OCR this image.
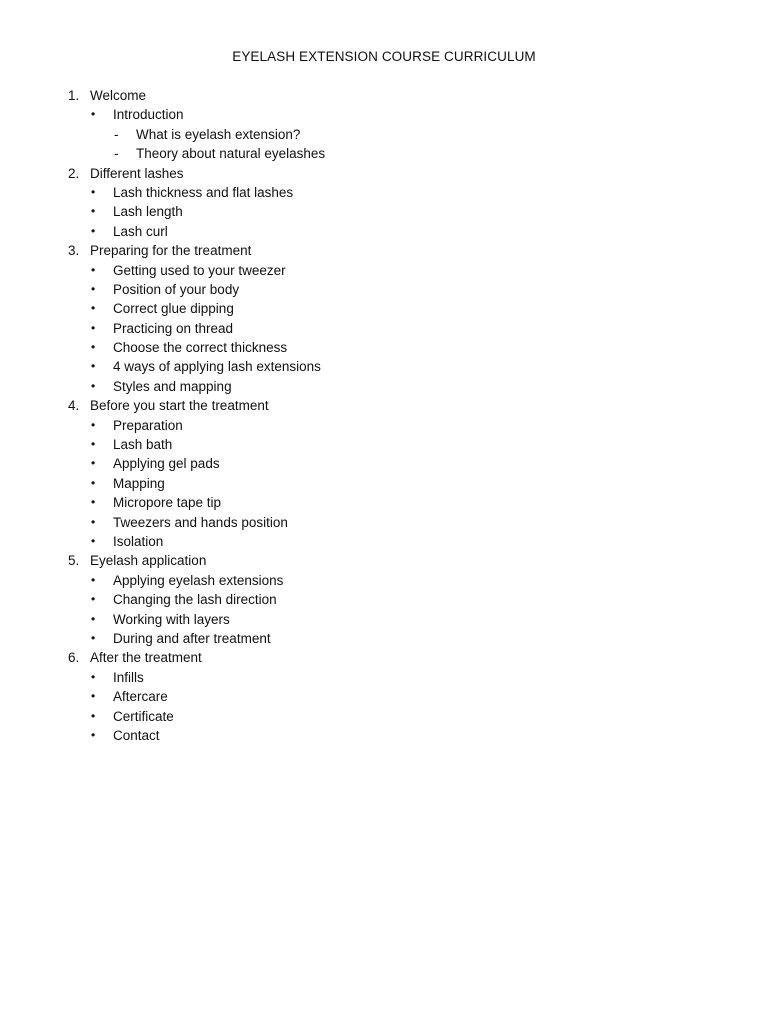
EYELASH EXTENSION COURSE CURRICULUM
1. Welcome
• Introduction
- What is eyelash extension?
- Theory about natural eyelashes
2. Different lashes
• Lash thickness and flat lashes
• Lash length
• Lash curl
3. Preparing for the treatment
• Getting used to your tweezer
• Position of your body
• Correct glue dipping
• Practicing on thread
• Choose the correct thickness
• 4 ways of applying lash extensions
• Styles and mapping
4. Before you start the treatment
• Preparation
• Lash bath
• Applying gel pads
• Mapping
• Micropore tape tip
• Tweezers and hands position
• Isolation
5. Eyelash application
• Applying eyelash extensions
• Changing the lash direction
• Working with layers
• During and after treatment
6. After the treatment
• Infills
• Aftercare
• Certificate
• Contact
